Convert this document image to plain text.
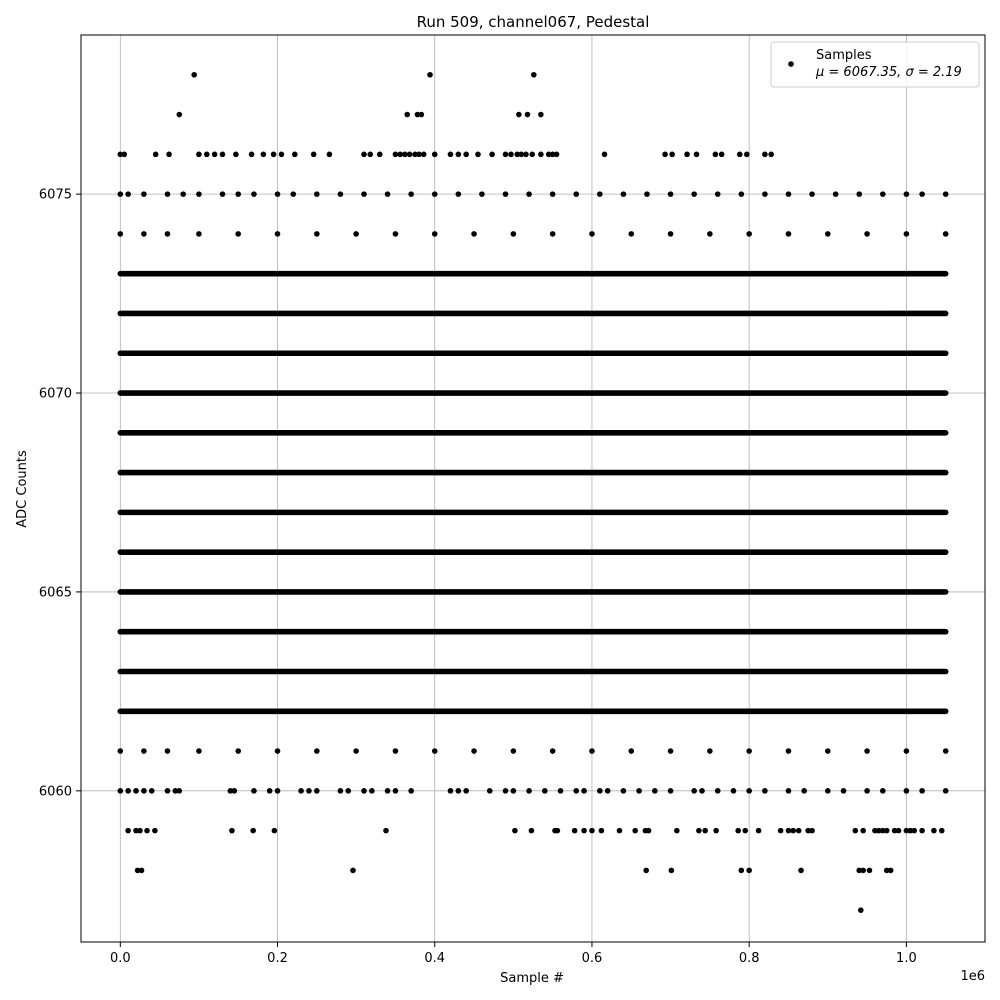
0.0	0.2	0.4	0.6	0.8	1.0
6060
6065
6070
6075
Run 509, channel067, Pedestal
Sample #
ADC Counts
1e6
Samples
μ = 6067.35, σ = 2.19
